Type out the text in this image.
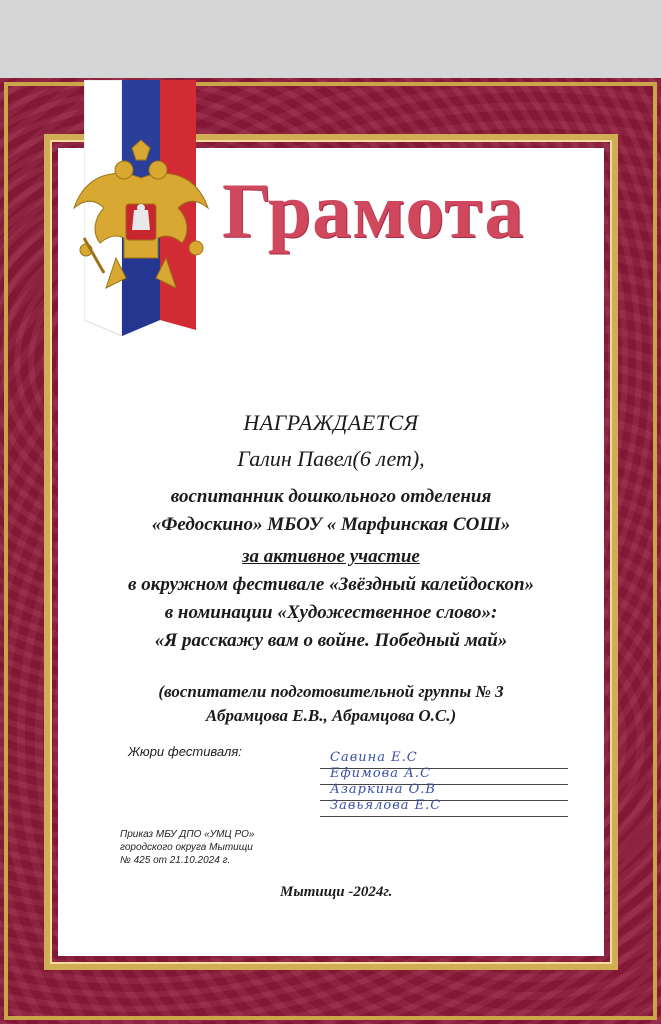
Грамота
НАГРАЖДАЕТСЯ
Галин Павел(6 лет),
воспитанник дошкольного отделения
«Федоскино» МБОУ « Марфинская СОШ»
за активное участие
в окружном фестивале «Звёздный калейдоскоп»
в номинации «Художественное слово»:
«Я расскажу вам о войне. Победный май»
(воспитатели подготовительной группы № 3
Абрамцова Е.В., Абрамцова О.С.)
Жюри фестиваля:	Савина Е.С
Ефимова А.С
Азаркина О.В
Завьялова Е.С
Приказ МБУ ДПО «УМЦ РО»
городского округа Мытищи
№ 425 от 21.10.2024 г.
Мытищи -2024г.
